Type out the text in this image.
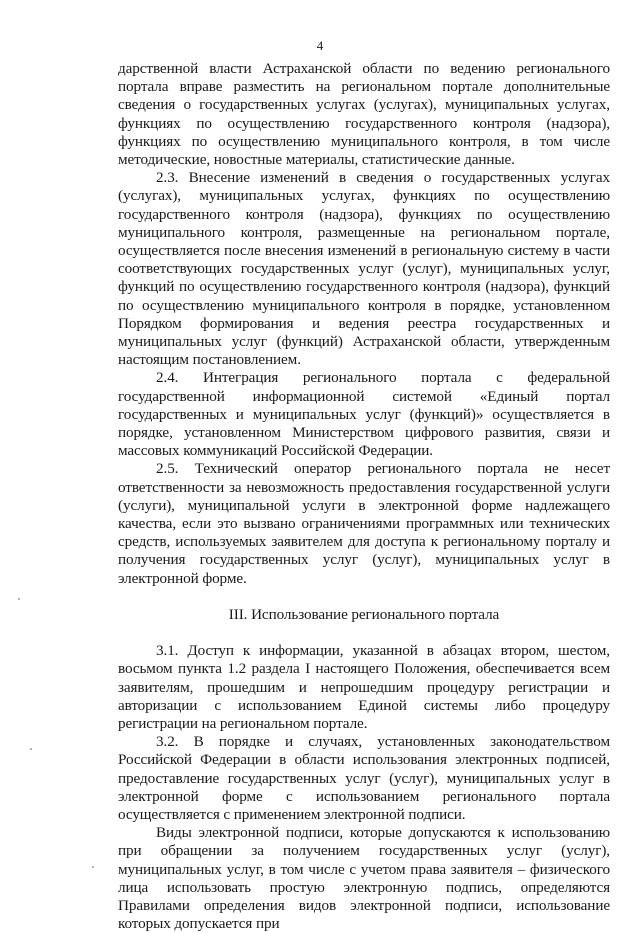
4

дарственной власти Астраханской области по ведению регионального портала вправе разместить на региональном портале дополнительные сведения о государственных услугах (услугах), муниципальных услугах, функциях по осуществлению государственного контроля (надзора), функциях по осуществлению муниципального контроля, в том числе методические, новостные материалы, статистические данные.

2.3. Внесение изменений в сведения о государственных услугах (услугах), муниципальных услугах, функциях по осуществлению государственного контроля (надзора), функциях по осуществлению муниципального контроля, размещенные на региональном портале, осуществляется после внесения изменений в региональную систему в части соответствующих государственных услуг (услуг), муниципальных услуг, функций по осуществлению государственного контроля (надзора), функций по осуществлению муниципального контроля в порядке, установленном Порядком формирования и ведения реестра государственных и муниципальных услуг (функций) Астраханской области, утвержденным настоящим постановлением.

2.4. Интеграция регионального портала с федеральной государственной информационной системой «Единый портал государственных и муниципальных услуг (функций)» осуществляется в порядке, установленном Министерством цифрового развития, связи и массовых коммуникаций Российской Федерации.

2.5. Технический оператор регионального портала не несет ответственности за невозможность предоставления государственной услуги (услуги), муниципальной услуги в электронной форме надлежащего качества, если это вызвано ограничениями программных или технических средств, используемых заявителем для доступа к региональному порталу и получения государственных услуг (услуг), муниципальных услуг в электронной форме.

III. Использование регионального портала

3.1. Доступ к информации, указанной в абзацах втором, шестом, восьмом пункта 1.2 раздела I настоящего Положения, обеспечивается всем заявителям, прошедшим и непрошедшим процедуру регистрации и авторизации с использованием Единой системы либо процедуру регистрации на региональном портале.

3.2. В порядке и случаях, установленных законодательством Российской Федерации в области использования электронных подписей, предоставление государственных услуг (услуг), муниципальных услуг в электронной форме с использованием регионального портала осуществляется с применением электронной подписи.

Виды электронной подписи, которые допускаются к использованию при обращении за получением государственных услуг (услуг), муниципальных услуг, в том числе с учетом права заявителя – физического лица использовать простую электронную подпись, определяются Правилами определения видов электронной подписи, использование которых допускается при
